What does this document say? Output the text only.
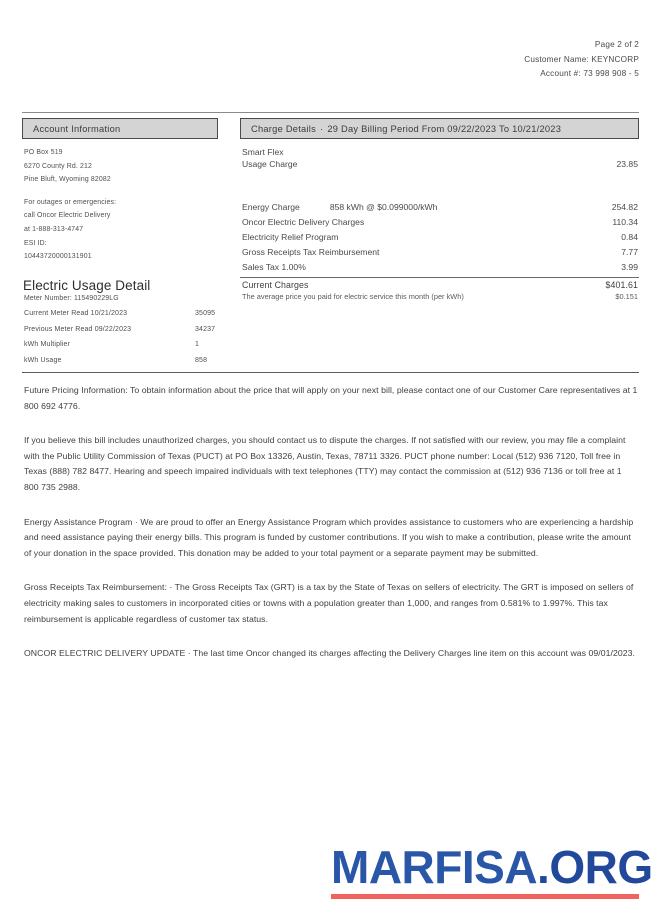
Page 2 of 2
Customer Name: KEYNCORP
Account #: 73 998 908 - 5
Account Information	Charge Details · 29 Day Billing Period From 09/22/2023 To 10/21/2023
PO Box 519
6270 County Rd. 212
Pine Bluft, Wyoming 82082
For outages or emergencies:
call Oncor Electric Delivery
at 1-888-313-4747
ESI ID:
10443720000131901
Electric Usage Detail
Meter Number: 115490229LG
Current Meter Read 10/21/2023	35095
Previous Meter Read 09/22/2023	34237
kWh Multiplier	1
kWh Usage	858
Smart Flex
Usage Charge	23.85
Energy Charge	858 kWh @ $0.099000/kWh	254.82
Oncor Electric Delivery Charges	110.34
Electricity Relief Program	0.84
Gross Receipts Tax Reimbursement	7.77
Sales Tax 1.00%	3.99
Current Charges	$401.61
The average price you paid for electric service this month (per kWh)	$0.151

Future Pricing Information: To obtain information about the price that will apply on your next bill, please contact one of our Customer Care representatives at 1 800 692 4776.

If you believe this bill includes unauthorized charges, you should contact us to dispute the charges. If not satisfied with our review, you may file a complaint with the Public Utility Commission of Texas (PUCT) at PO Box 13326, Austin, Texas, 78711 3326. PUCT phone number: Local (512) 936 7120, Toll free in Texas (888) 782 8477. Hearing and speech impaired individuals with text telephones (TTY) may contact the commission at (512) 936 7136 or toll free at 1 800 735 2988.

Energy Assistance Program · We are proud to offer an Energy Assistance Program which provides assistance to customers who are experiencing a hardship and need assistance paying their energy bills. This program is funded by customer contributions. If you wish to make a contribution, please write the amount of your donation in the space provided. This donation may be added to your total payment or a separate payment may be submitted.

Gross Receipts Tax Reimbursement: · The Gross Receipts Tax (GRT) is a tax by the State of Texas on sellers of electricity. The GRT is imposed on sellers of electricity making sales to customers in incorporated cities or towns with a population greater than 1,000, and ranges from 0.581% to 1.997%. This tax reimbursement is applicable regardless of customer tax status.

ONCOR ELECTRIC DELIVERY UPDATE · The last time Oncor changed its charges affecting the Delivery Charges line item on this account was 09/01/2023.

MARFISA.ORG
